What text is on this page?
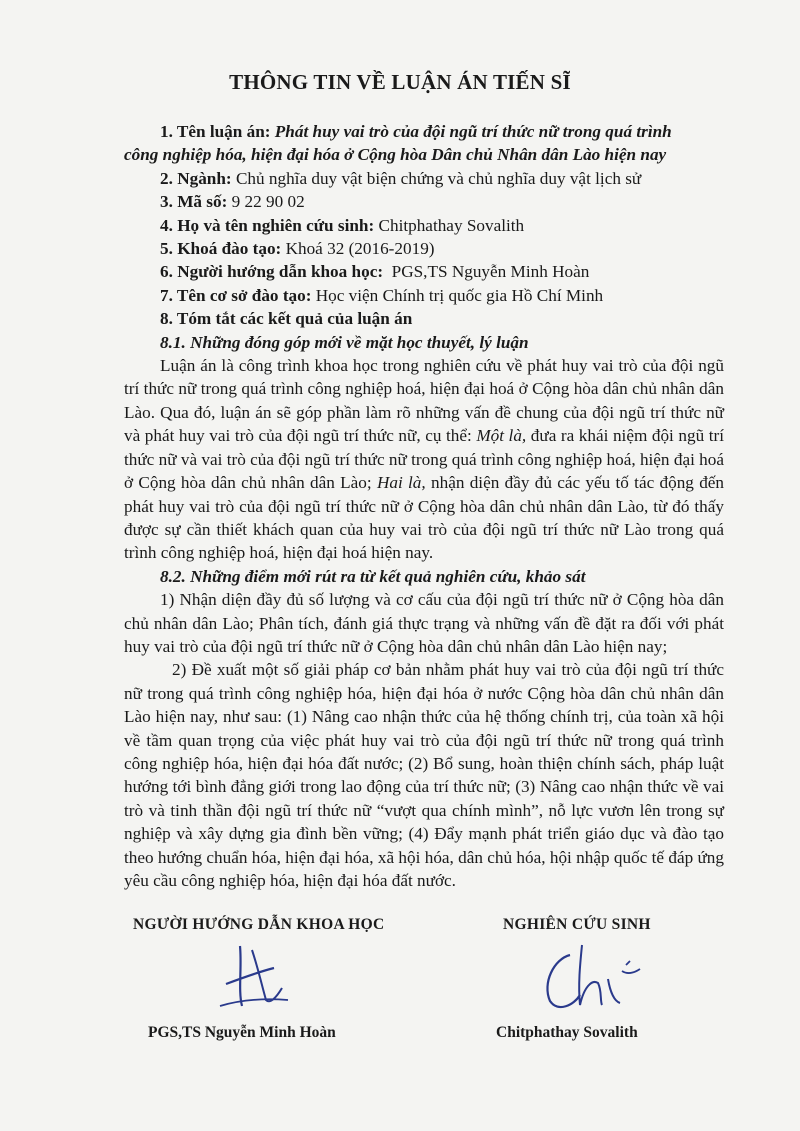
THÔNG TIN VỀ LUẬN ÁN TIẾN SĨ

1. Tên luận án: Phát huy vai trò của đội ngũ trí thức nữ trong quá trình

công nghiệp hóa, hiện đại hóa ở Cộng hòa Dân chủ Nhân dân Lào hiện nay

2. Ngành: Chủ nghĩa duy vật biện chứng và chủ nghĩa duy vật lịch sử

3. Mã số: 9 22 90 02

4. Họ và tên nghiên cứu sinh: Chitphathay Sovalith

5. Khoá đào tạo: Khoá 32 (2016-2019)

6. Người hướng dẫn khoa học: PGS,TS Nguyễn Minh Hoàn

7. Tên cơ sở đào tạo: Học viện Chính trị quốc gia Hồ Chí Minh

8. Tóm tắt các kết quả của luận án

8.1. Những đóng góp mới về mặt học thuyết, lý luận

Luận án là công trình khoa học trong nghiên cứu về phát huy vai trò của đội ngũ trí thức nữ trong quá trình công nghiệp hoá, hiện đại hoá ở Cộng hòa dân chủ nhân dân Lào. Qua đó, luận án sẽ góp phần làm rõ những vấn đề chung của đội ngũ trí thức nữ và phát huy vai trò của đội ngũ trí thức nữ, cụ thể: Một là, đưa ra khái niệm đội ngũ trí thức nữ và vai trò của đội ngũ trí thức nữ trong quá trình công nghiệp hoá, hiện đại hoá ở Cộng hòa dân chủ nhân dân Lào; Hai là, nhận diện đầy đủ các yếu tố tác động đến phát huy vai trò của đội ngũ trí thức nữ ở Cộng hòa dân chủ nhân dân Lào, từ đó thấy được sự cần thiết khách quan của huy vai trò của đội ngũ trí thức nữ Lào trong quá trình công nghiệp hoá, hiện đại hoá hiện nay.

8.2. Những điểm mới rút ra từ kết quả nghiên cứu, khảo sát

1) Nhận diện đầy đủ số lượng và cơ cấu của đội ngũ trí thức nữ ở Cộng hòa dân chủ nhân dân Lào; Phân tích, đánh giá thực trạng và những vấn đề đặt ra đối với phát huy vai trò của đội ngũ trí thức nữ ở Cộng hòa dân chủ nhân dân Lào hiện nay;

2) Đề xuất một số giải pháp cơ bản nhằm phát huy vai trò của đội ngũ trí thức nữ trong quá trình công nghiệp hóa, hiện đại hóa ở nước Cộng hòa dân chủ nhân dân Lào hiện nay, như sau: (1) Nâng cao nhận thức của hệ thống chính trị, của toàn xã hội về tầm quan trọng của việc phát huy vai trò của đội ngũ trí thức nữ trong quá trình công nghiệp hóa, hiện đại hóa đất nước; (2) Bổ sung, hoàn thiện chính sách, pháp luật hướng tới bình đẳng giới trong lao động của trí thức nữ; (3) Nâng cao nhận thức về vai trò và tinh thần đội ngũ trí thức nữ “vượt qua chính mình”, nỗ lực vươn lên trong sự nghiệp và xây dựng gia đình bền vững; (4) Đẩy mạnh phát triển giáo dục và đào tạo theo hướng chuẩn hóa, hiện đại hóa, xã hội hóa, dân chủ hóa, hội nhập quốc tế đáp ứng yêu cầu công nghiệp hóa, hiện đại hóa đất nước.

NGƯỜI HƯỚNG DẪN KHOA HỌC	NGHIÊN CỨU SINH
PGS,TS Nguyễn Minh Hoàn	Chitphathay Sovalith
